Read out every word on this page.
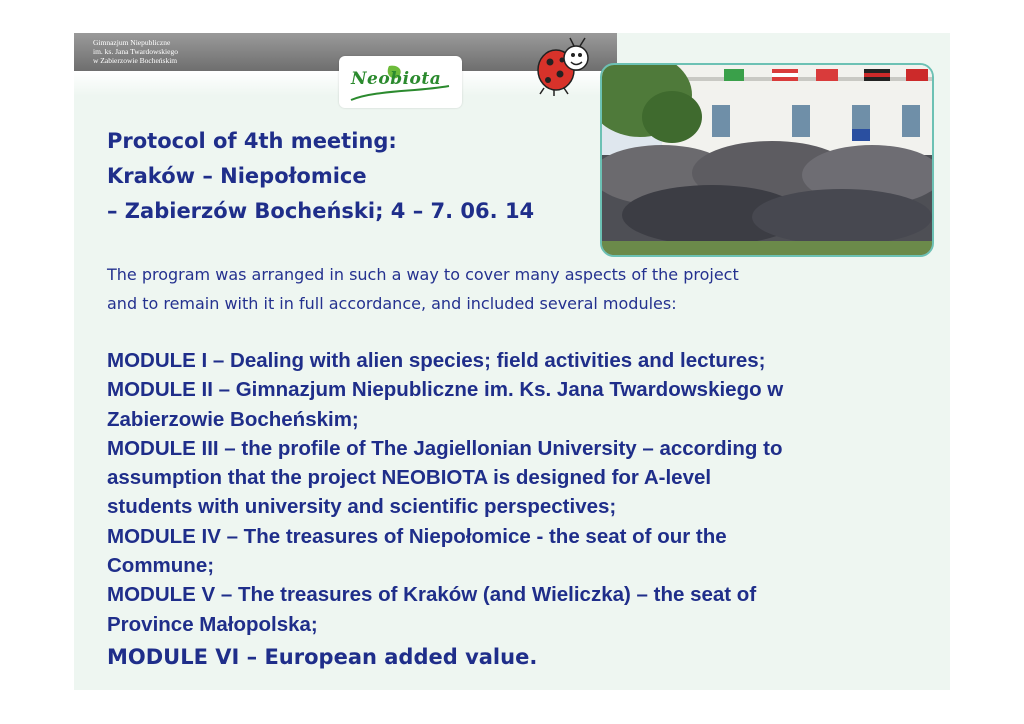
Gimnazjum Niepubliczne
im. ks. Jana Twardowskiego
w Zabierzowie Bocheńskim
Neobiota
Protocol of 4th meeting:
Kraków – Niepołomice
– Zabierzów Bocheński; 4 – 7. 06. 14
The program was arranged in such a way to cover many aspects of the project
and to remain with it in full accordance, and included several modules:
MODULE I – Dealing with alien species; field activities and lectures;
MODULE II – Gimnazjum Niepubliczne im. Ks. Jana Twardowskiego w
Zabierzowie Bocheńskim;
MODULE III – the profile of The Jagiellonian University – according to
assumption that the project NEOBIOTA is designed for A-level
students with university and scientific perspectives;
MODULE IV – The treasures of Niepołomice - the seat of our the
Commune;
MODULE V – The treasures of Kraków (and Wieliczka) – the seat of
Province Małopolska;
MODULE VI – European added value.
